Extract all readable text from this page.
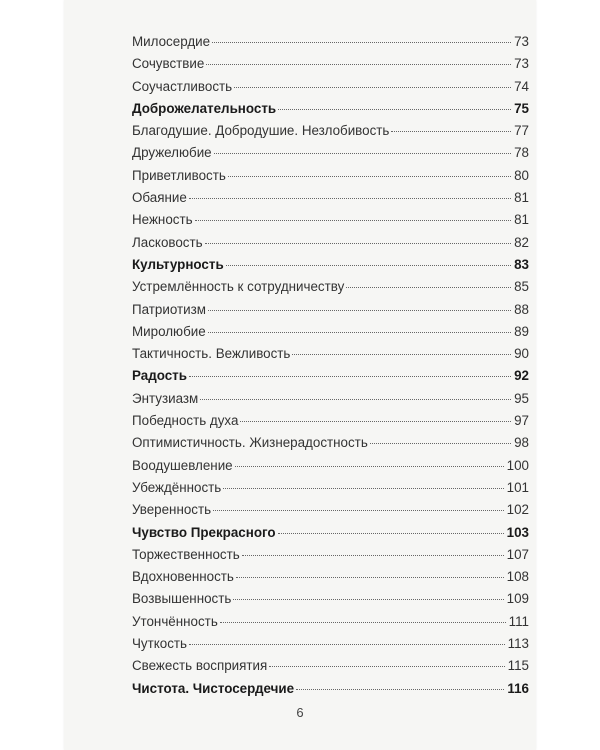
Милосердие	73
Сочувствие	73
Соучастливость	74
Доброжелательность	75
Благодушие. Добродушие. Незлобивость	77
Дружелюбие	78
Приветливость	80
Обаяние	81
Нежность	81
Ласковость	82
Культурность	83
Устремлённость к сотрудничеству	85
Патриотизм	88
Миролюбие	89
Тактичность. Вежливость	90
Радость	92
Энтузиазм	95
Победность духа	97
Оптимистичность. Жизнерадостность	98
Воодушевление	100
Убеждённость	101
Уверенность	102
Чувство Прекрасного	103
Торжественность	107
Вдохновенность	108
Возвышенность	109
Утончённость	111
Чуткость	113
Свежесть восприятия	115
Чистота. Чистосердечие	116
6
